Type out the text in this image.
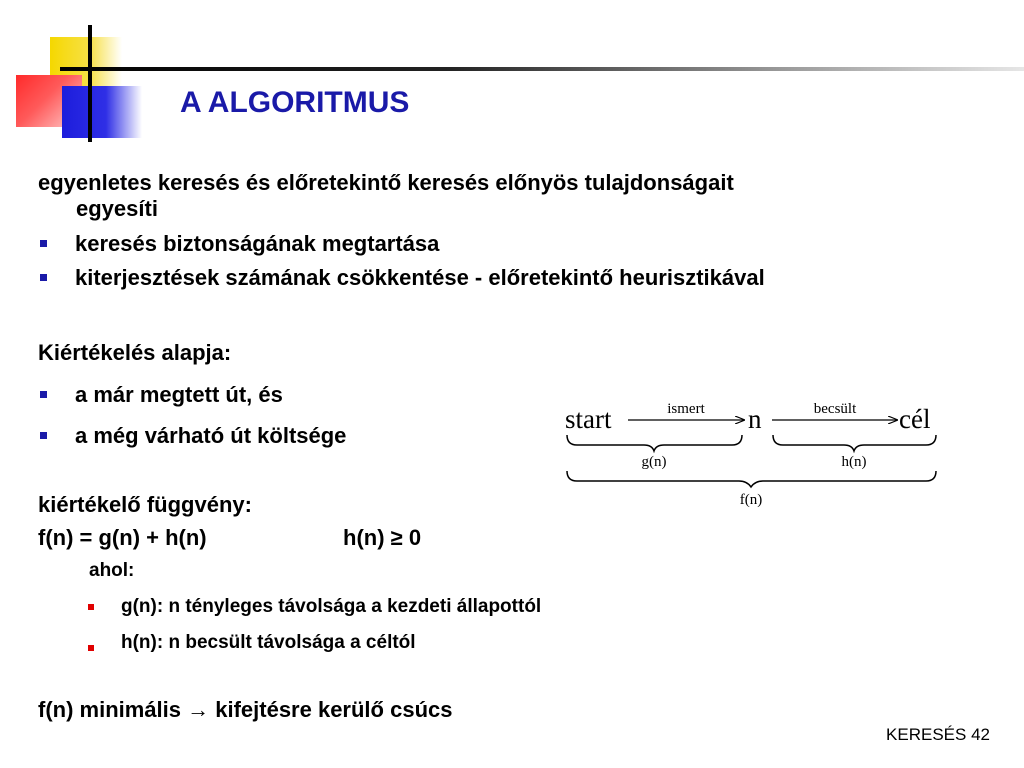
A ALGORITMUS
egyenletes keresés és előretekintő keresés előnyös tulajdonságait
egyesíti
keresés biztonságának megtartása
kiterjesztések számának csökkentése - előretekintő heurisztikával
Kiértékelés alapja:
a már megtett út, és
a még várható út költsége
start	ismert n	becsült cél
g(n)	h(n)
f(n)
kiértékelő függvény:
f(n) = g(n) + h(n)	h(n) ≥ 0
ahol:
g(n): n tényleges távolsága a kezdeti állapottól
h(n): n becsült távolsága a céltól
f(n) minimális → kifejtésre kerülő csúcs
KERESÉS 42
